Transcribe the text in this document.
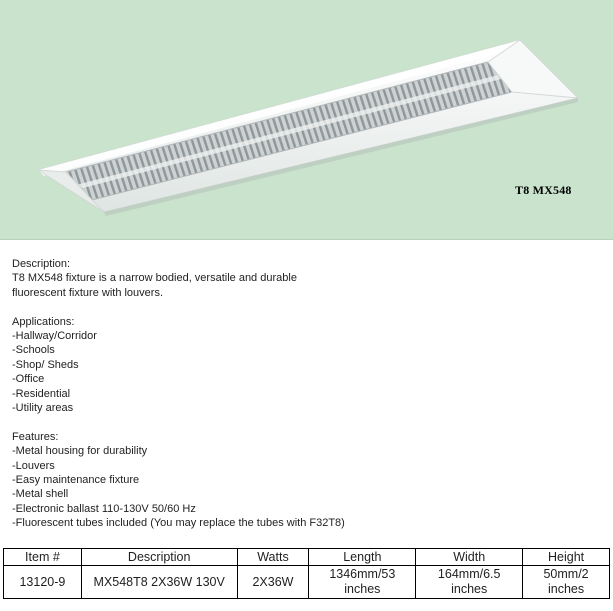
T8 MX548
Description:
T8 MX548 fixture is a narrow bodied, versatile and durable
fluorescent fixture with louvers.
Applications:
-Hallway/Corridor
-Schools
-Shop/ Sheds
-Office
-Residential
-Utility areas
Features:
-Metal housing for durability
-Louvers
-Easy maintenance fixture
-Metal shell
-Electronic ballast 110-130V 50/60 Hz
-Fluorescent tubes included (You may replace the tubes with F32T8)
Item #	Description	Watts	Length	Width	Height
13120-9	MX548T8 2X36W 130V	2X36W	1346mm/53 inches	164mm/6.5 inches	50mm/2 inches
